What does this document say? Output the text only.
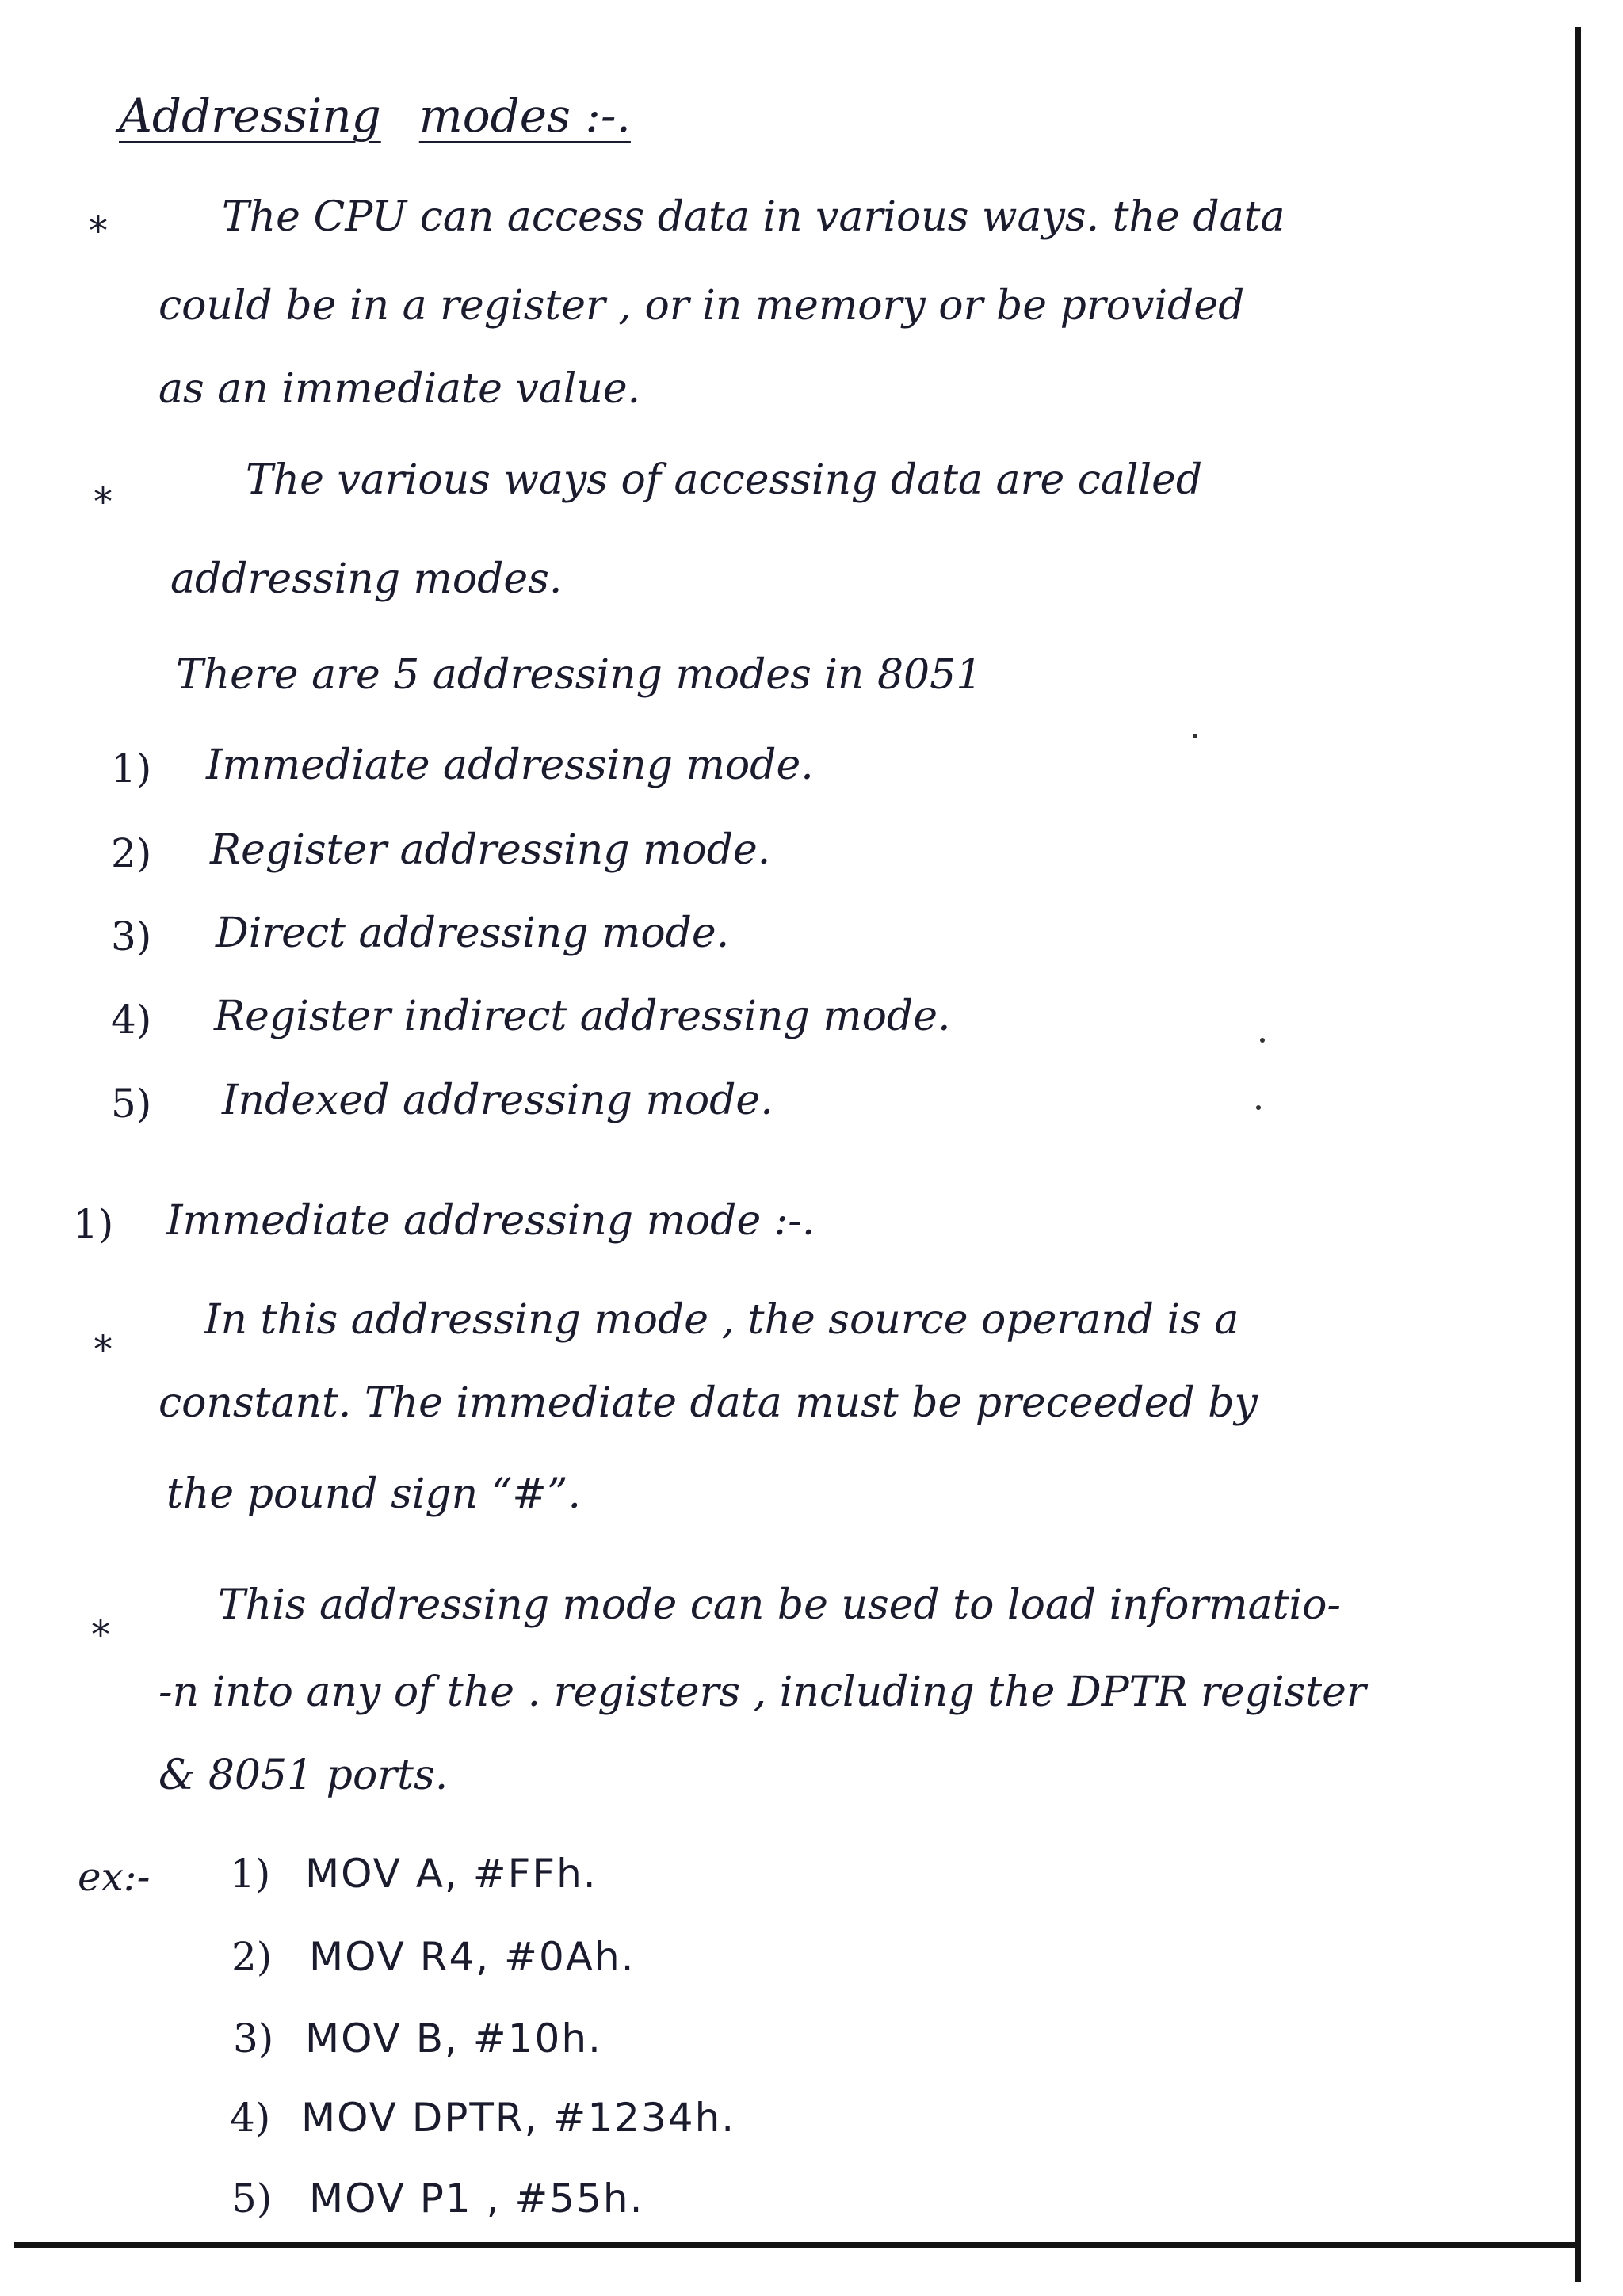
Addressing modes :-.
*	The CPU can access data in various ways. the data
could be in a register , or in memory or be provided
as an immediate value.
*	The various ways of accessing data are called
addressing modes.
There are 5 addressing modes in 8051
1) Immediate addressing mode.
2) Register addressing mode.
3) Direct addressing mode.
4) Register indirect addressing mode.
5) Indexed addressing mode.
1) Immediate addressing mode :-.
*
In this addressing mode , the source operand is a
constant. The immediate data must be preceeded by
the pound sign “#”.
*
This addressing mode can be used to load informatio-
-n into any of the . registers , including the DPTR register
& 8051 ports.
ex:- 1) MOV A, #FFh.
2) MOV R4, #0Ah.
3) MOV B, #10h.
4) MOV DPTR, #1234h.
5) MOV P1 , #55h.
